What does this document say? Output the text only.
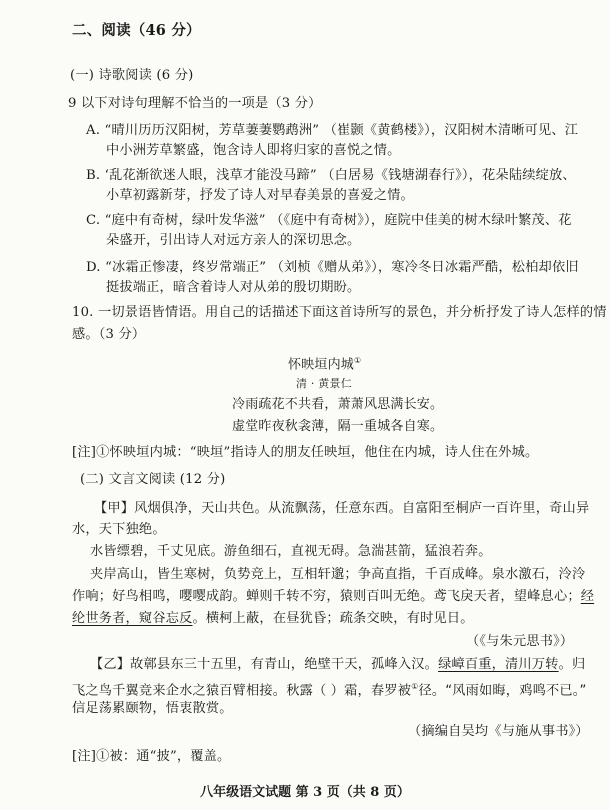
二、阅读（46 分）
(一) 诗歌阅读 (6 分)
9 以下对诗句理解不恰当的一项是（3 分）
A. “晴川历历汉阳树，芳草萋萋鹦鹉洲” （崔颢《黄鹤楼》），汉阳树木清晰可见、江
中小洲芳草繁盛，饱含诗人即将归家的喜悦之情。
B. ‘乱花渐欲迷人眼，浅草才能没马蹄” （白居易《钱塘湖春行》），花朵陆续绽放、
小草初露新芽，抒发了诗人对早春美景的喜爱之情。
C. “庭中有奇树，绿叶发华滋” （《庭中有奇树》），庭院中佳美的树木绿叶繁茂、花
朵盛开，引出诗人对远方亲人的深切思念。
D. “冰霜正惨凄，终岁常端正” （刘桢《赠从弟》），寒冷冬日冰霜严酷，松柏却依旧
挺拔端正，暗含着诗人对从弟的殷切期盼。
10. 一切景语皆情语。用自己的话描述下面这首诗所写的景色，并分析抒发了诗人怎样的情
感。（3 分）
怀映垣内城①
清 · 黄景仁
冷雨疏花不共看，萧萧风思满长安。
虚堂昨夜秋衾薄，隔一重城各自寒。
[注]①怀映垣内城：“映垣”指诗人的朋友任映垣，他住在内城，诗人住在外城。
(二) 文言文阅读 (12 分)
【甲】风烟俱净，天山共色。从流飘荡，任意东西。自富阳至桐庐一百许里，奇山异
水，天下独绝。
水皆缥碧，千丈见底。游鱼细石，直视无碍。急湍甚箭，猛浪若奔。
夹岸高山，皆生寒树，负势竞上，互相轩邈；争高直指，千百成峰。泉水激石，泠泠
作响；好鸟相鸣，嘤嘤成韵。蝉则千转不穷，猿则百叫无绝。鸢飞戾天者，望峰息心；经
纶世务者，窥谷忘反。横柯上蔽，在昼犹昏；疏条交映，有时见日。
（《与朱元思书》）
【乙】故鄣县东三十五里，有青山，绝壁干天，孤峰入汉。绿嶂百重，清川万转。归
飞之鸟千翼竞来企水之猿百臂相接。秋露（ ）霜，春罗被①径。“风雨如晦，鸡鸣不已。”
信足荡累颐物，悟衷散赏。
（摘编自吴均《与施从事书》）
[注]①被：通“披”，覆盖。
八年级语文试题 第 3 页（共 8 页）
